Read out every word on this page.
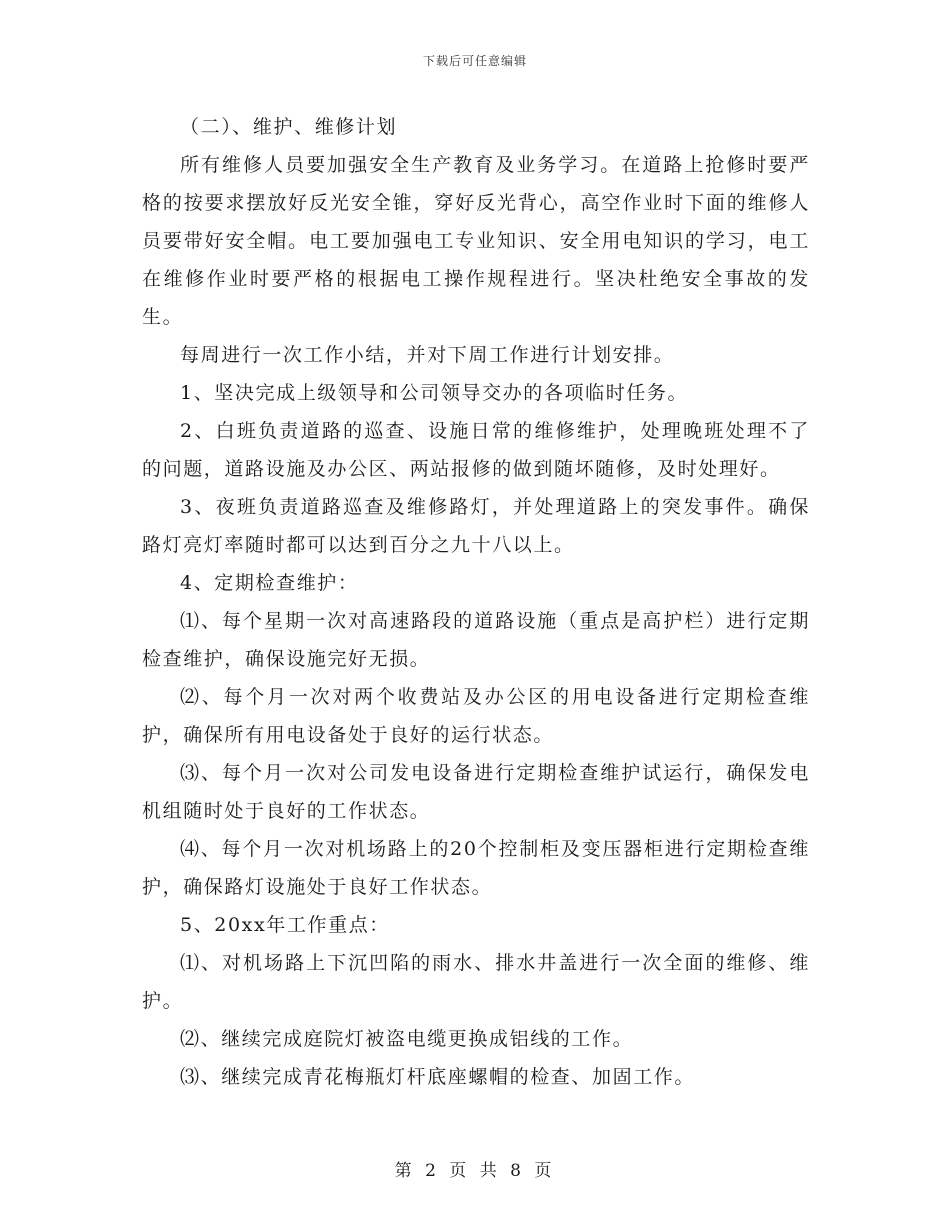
下载后可任意编辑

（二）、维护、维修计划

所有维修人员要加强安全生产教育及业务学习。在道路上抢修时要严格的按要求摆放好反光安全锥，穿好反光背心，高空作业时下面的维修人员要带好安全帽。电工要加强电工专业知识、安全用电知识的学习，电工在维修作业时要严格的根据电工操作规程进行。坚决杜绝安全事故的发生。

每周进行一次工作小结，并对下周工作进行计划安排。

1、坚决完成上级领导和公司领导交办的各项临时任务。

2、白班负责道路的巡查、设施日常的维修维护，处理晚班处理不了的问题，道路设施及办公区、两站报修的做到随坏随修，及时处理好。

3、夜班负责道路巡查及维修路灯，并处理道路上的突发事件。确保路灯亮灯率随时都可以达到百分之九十八以上。

4、定期检查维护：

⑴、每个星期一次对高速路段的道路设施（重点是高护栏）进行定期检查维护，确保设施完好无损。

⑵、每个月一次对两个收费站及办公区的用电设备进行定期检查维护，确保所有用电设备处于良好的运行状态。

⑶、每个月一次对公司发电设备进行定期检查维护试运行，确保发电机组随时处于良好的工作状态。

⑷、每个月一次对机场路上的20个控制柜及变压器柜进行定期检查维护，确保路灯设施处于良好工作状态。

5、20xx年工作重点：

⑴、对机场路上下沉凹陷的雨水、排水井盖进行一次全面的维修、维护。

⑵、继续完成庭院灯被盗电缆更换成铝线的工作。

⑶、继续完成青花梅瓶灯杆底座螺帽的检查、加固工作。

第 2 页 共 8 页
